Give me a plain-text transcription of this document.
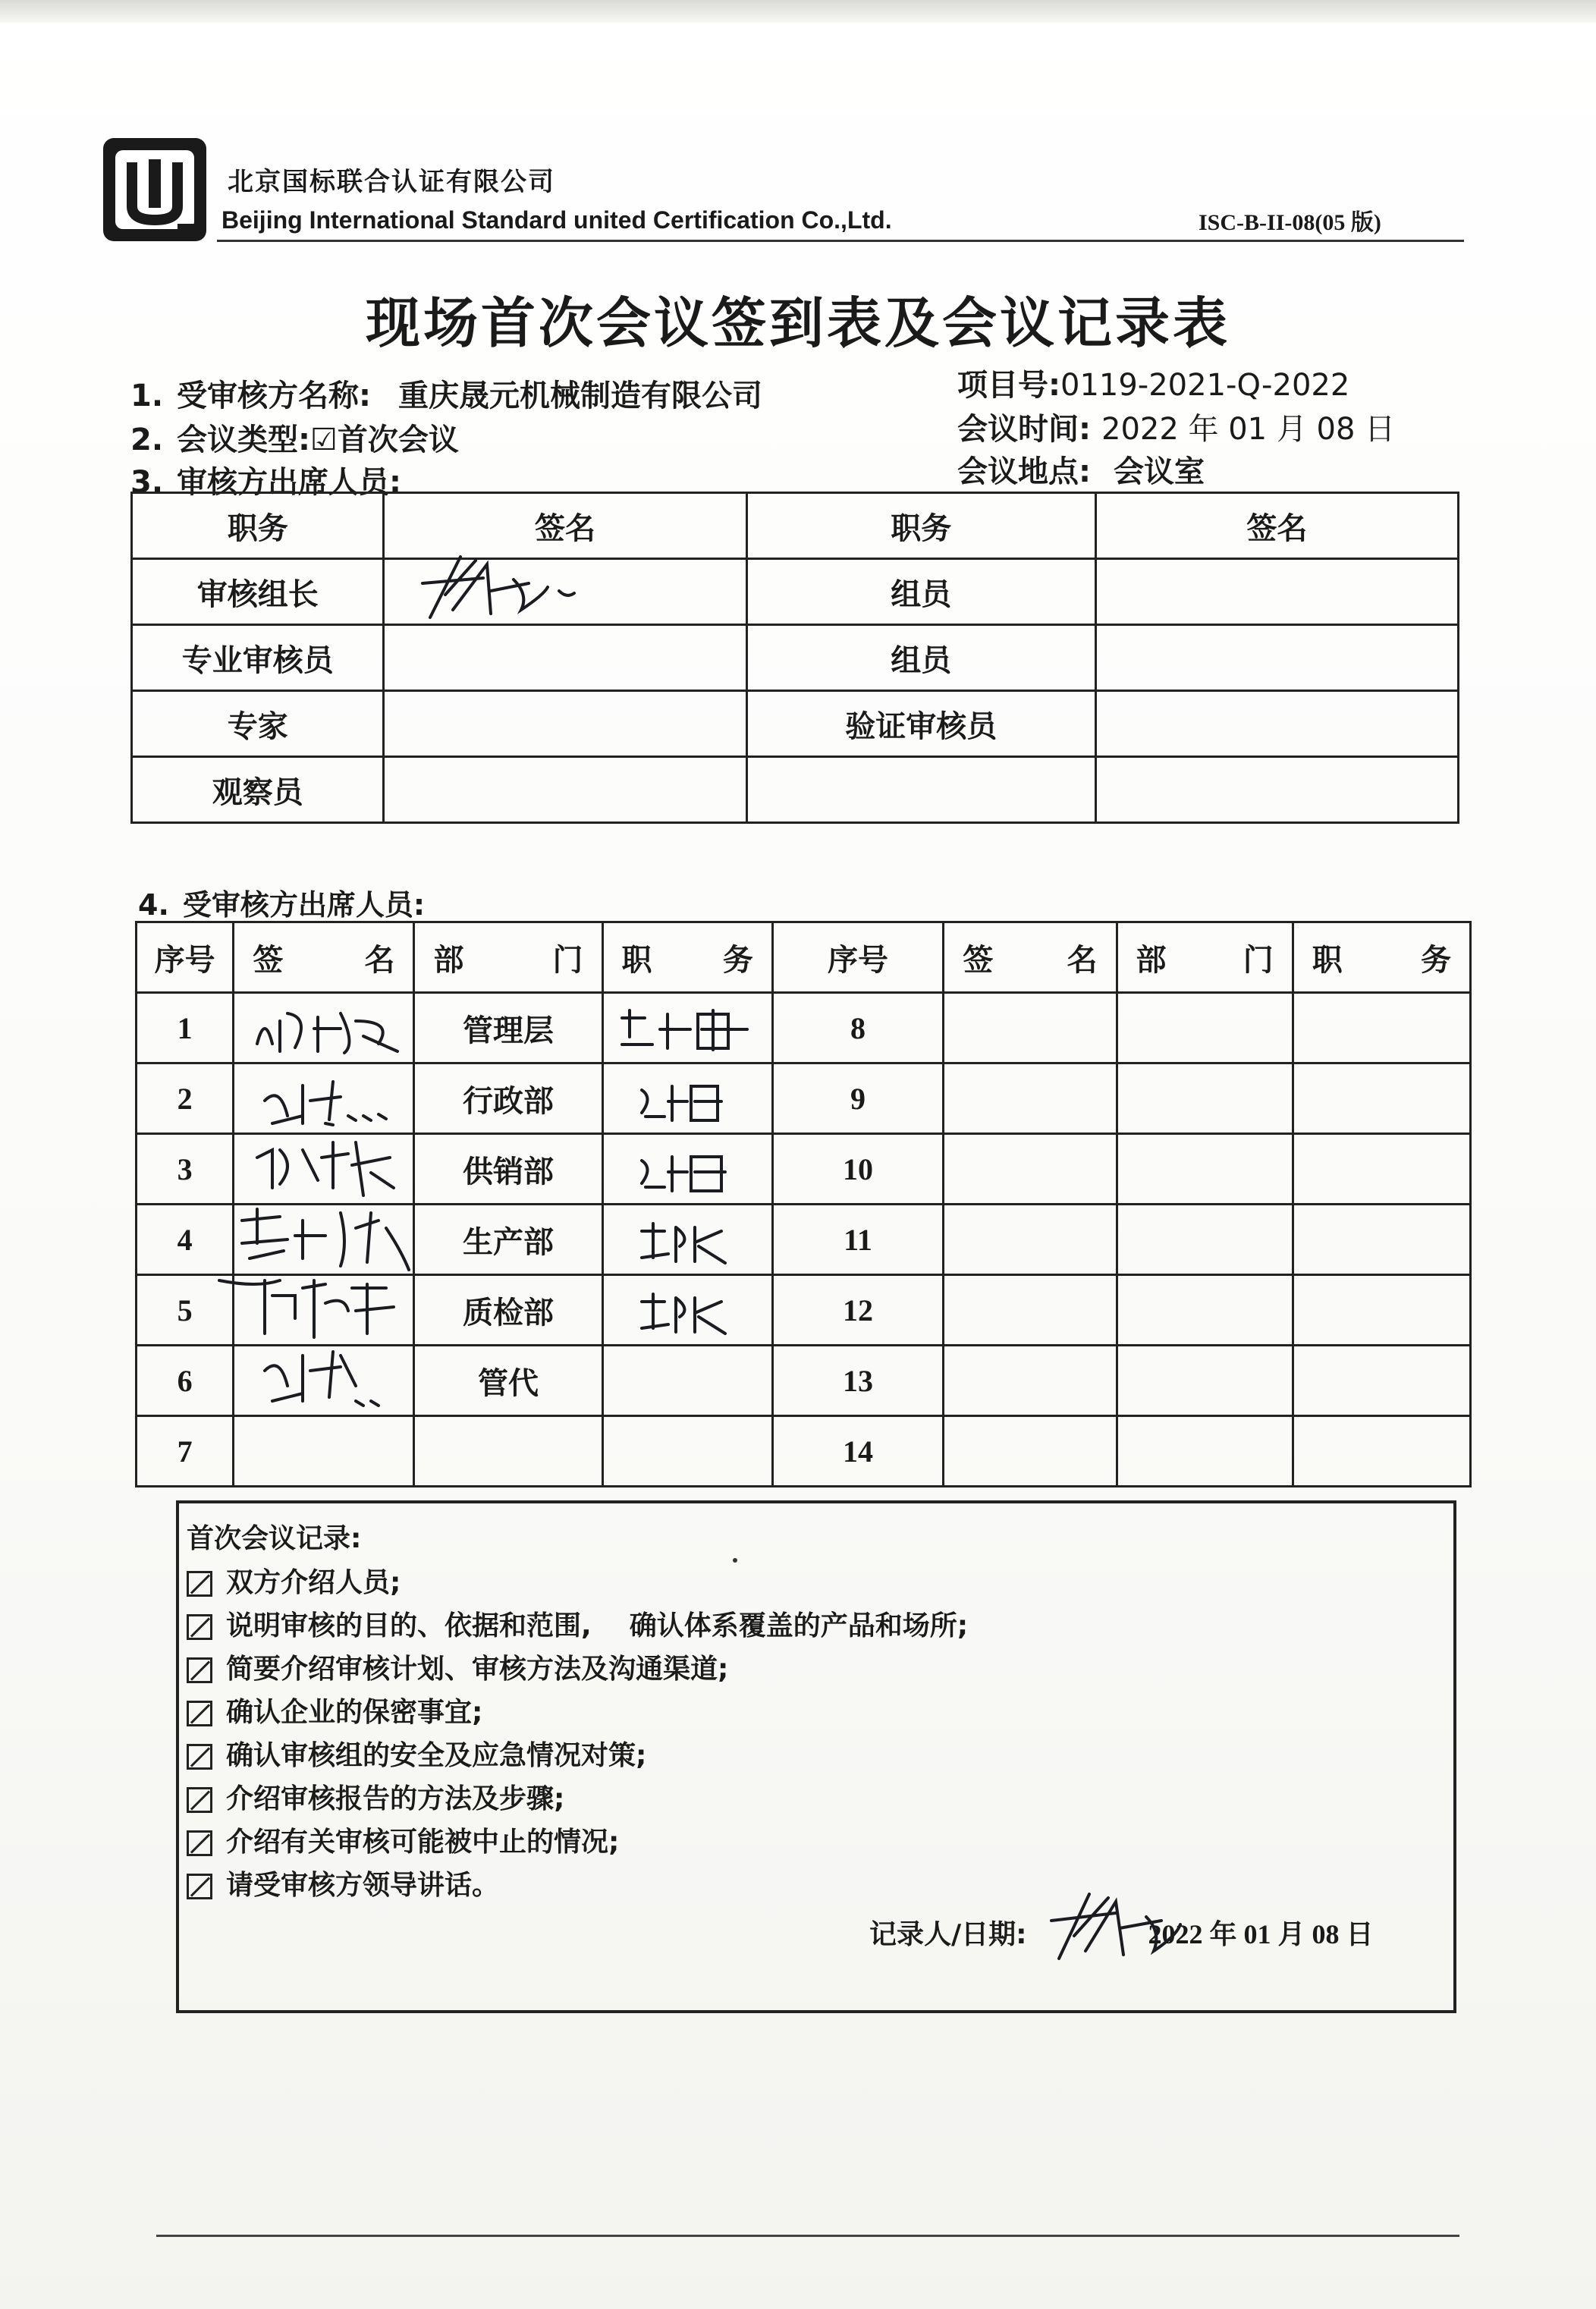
北京国标联合认证有限公司
Beijing International Standard united Certification Co.,Ltd.	ISC-B-II-08(05 版)
现场首次会议签到表及会议记录表
1. 受审核方名称: 重庆晟元机械制造有限公司
2. 会议类型:☑首次会议
3. 审核方出席人员:
项目号:0119-2021-Q-2022
会议时间: 2022 年 01 月 08 日
会议地点: 会议室
职务	签名	职务	签名
审核组长		组员	
专业审核员		组员	
专家		验证审核员	
观察员			
4. 受审核方出席人员:
序号	签 名	部 门	职 务	序号	签 名	部 门	职 务

1		管理层		8			
2		行政部		9			
3		供销部		10			
4		生产部		11			
5		质检部		12			
6		管代		13			
7				14			
首次会议记录:
双方介绍人员;
说明审核的目的、依据和范围,    确认体系覆盖的产品和场所;
简要介绍审核计划、审核方法及沟通渠道;
确认企业的保密事宜;
确认审核组的安全及应急情况对策;
介绍审核报告的方法及步骤;
介绍有关审核可能被中止的情况;
请受审核方领导讲话。
记录人/日期:	2022 年 01 月 08 日
